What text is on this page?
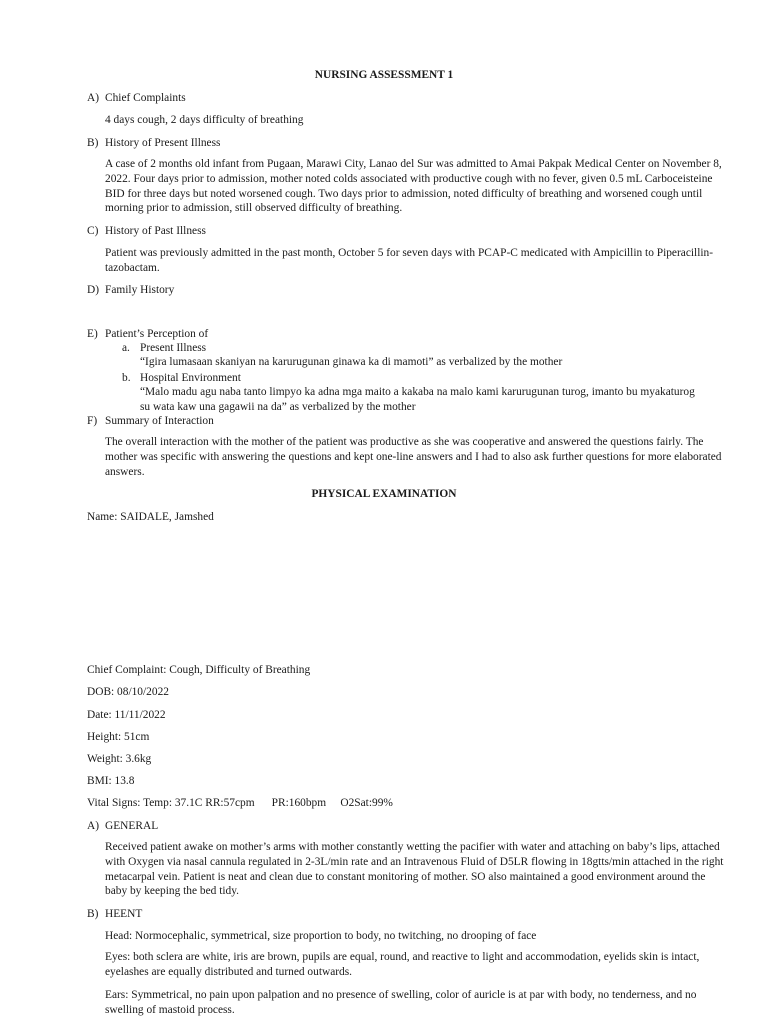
NURSING ASSESSMENT 1
A) Chief Complaints
4 days cough, 2 days difficulty of breathing
B) History of Present Illness
A case of 2 months old infant from Pugaan, Marawi City, Lanao del Sur was admitted to Amai Pakpak Medical Center on November 8, 2022. Four days prior to admission, mother noted colds associated with productive cough with no fever, given 0.5 mL Carboceisteine BID for three days but noted worsened cough. Two days prior to admission, noted difficulty of breathing and worsened cough until morning prior to admission, still observed difficulty of breathing.
C) History of Past Illness
Patient was previously admitted in the past month, October 5 for seven days with PCAP-C medicated with Ampicillin to Piperacillin-tazobactam.
D) Family History
E) Patient’s Perception of
a. Present Illness
“Igira lumasaan skaniyan na karurugunan ginawa ka di mamoti” as verbalized by the mother
b. Hospital Environment
“Malo madu agu naba tanto limpyo ka adna mga maito a kakaba na malo kami karurugunan turog, imanto bu myakaturog su wata kaw una gagawii na da” as verbalized by the mother
F) Summary of Interaction
The overall interaction with the mother of the patient was productive as she was cooperative and answered the questions fairly. The mother was specific with answering the questions and kept one-line answers and I had to also ask further questions for more elaborated answers.
PHYSICAL EXAMINATION
Name: SAIDALE, Jamshed
Chief Complaint: Cough, Difficulty of Breathing
DOB: 08/10/2022
Date: 11/11/2022
Height: 51cm
Weight: 3.6kg
BMI: 13.8
Vital Signs: Temp: 37.1C RR:57cpm      PR:160bpm     O2Sat:99%
A) GENERAL
Received patient awake on mother’s arms with mother constantly wetting the pacifier with water and attaching on baby’s lips, attached with Oxygen via nasal cannula regulated in 2-3L/min rate and an Intravenous Fluid of D5LR flowing in 18gtts/min attached in the right metacarpal vein. Patient is neat and clean due to constant monitoring of mother. SO also maintained a good environment around the baby by keeping the bed tidy.
B) HEENT
Head: Normocephalic, symmetrical, size proportion to body, no twitching, no drooping of face
Eyes: both sclera are white, iris are brown, pupils are equal, round, and reactive to light and accommodation, eyelids skin is intact, eyelashes are equally distributed and turned outwards.
Ears: Symmetrical, no pain upon palpation and no presence of swelling, color of auricle is at par with body, no tenderness, and no swelling of mastoid process.
